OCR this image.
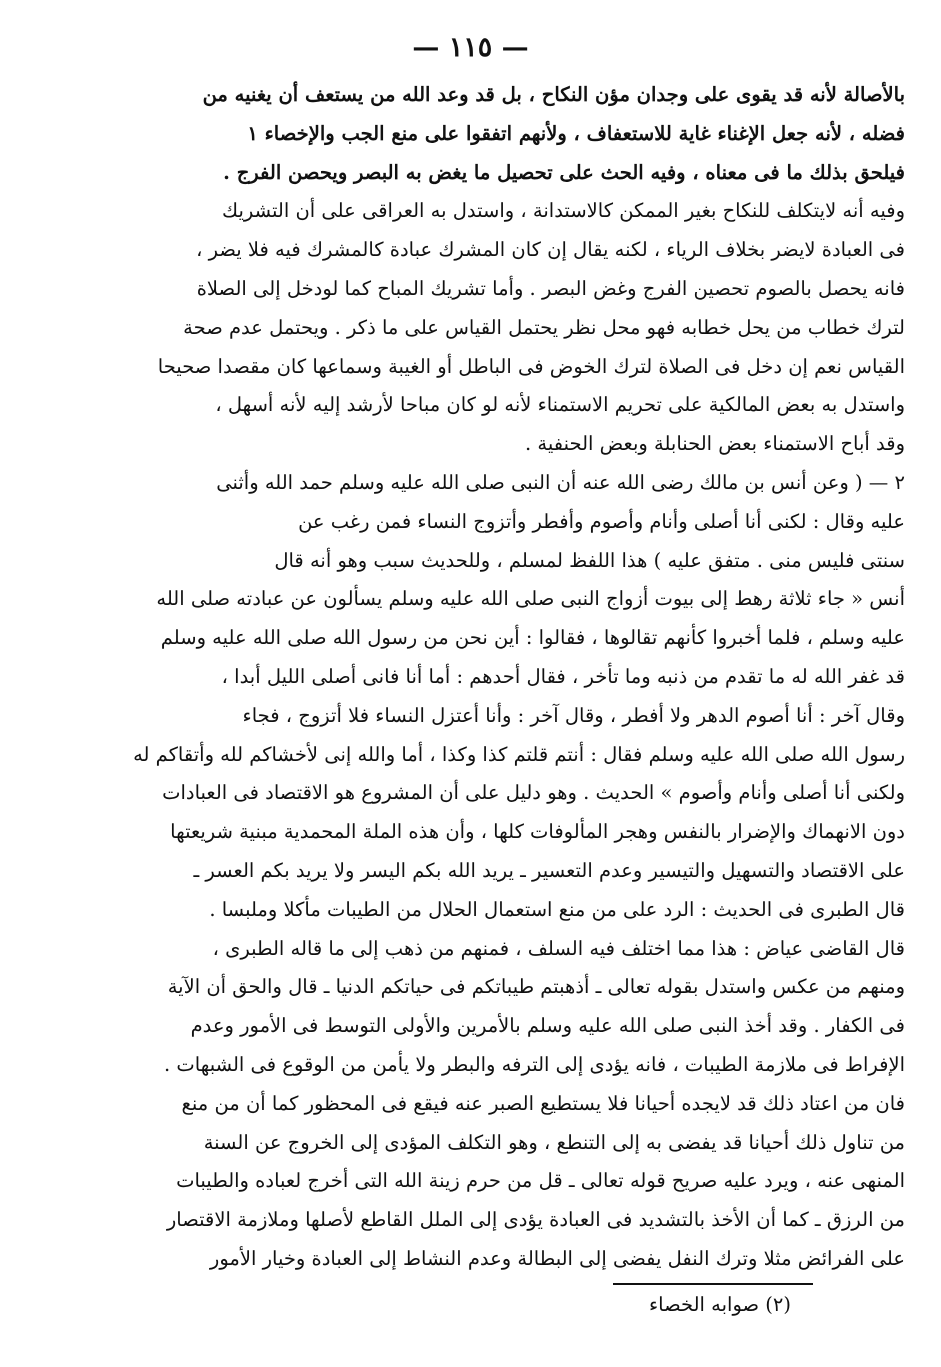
— ١١٥ —
بالأصالة لأنه قد يقوى على وجدان مؤن النكاح ، بل قد وعد الله من يستعف أن يغنيه من
فضله ، لأنه جعل الإغناء غاية للاستعفاف ، ولأنهم اتفقوا على منع الجب والإخصاء ١
فيلحق بذلك ما فى معناه ، وفيه الحث على تحصيل ما يغض به البصر ويحصن الفرج .
وفيه أنه لايتكلف للنكاح بغير الممكن كالاستدانة ، واستدل به العراقى على أن التشريك
فى العبادة لايضر بخلاف الرياء ، لكنه يقال إن كان المشرك عبادة كالمشرك فيه فلا يضر ،
فانه يحصل بالصوم تحصين الفرج وغض البصر . وأما تشريك المباح كما لودخل إلى الصلاة
لترك خطاب من يحل خطابه فهو محل نظر يحتمل القياس على ما ذكر . ويحتمل عدم صحة
القياس نعم إن دخل فى الصلاة لترك الخوض فى الباطل أو الغيبة وسماعها كان مقصدا صحيحا
واستدل به بعض المالكية على تحريم الاستمناء لأنه لو كان مباحا لأرشد إليه لأنه أسهل ،
وقد أباح الاستمناء بعض الحنابلة وبعض الحنفية .
٢ — ( وعن أنس بن مالك رضى الله عنه أن النبى صلى الله عليه وسلم حمد الله وأثنى
عليه وقال : لكنى أنا أصلى وأنام وأصوم وأفطر وأتزوج النساء فمن رغب عن
سنتى فليس منى . متفق عليه ) هذا اللفظ لمسلم ، وللحديث سبب وهو أنه قال
أنس « جاء ثلاثة رهط إلى بيوت أزواج النبى صلى الله عليه وسلم يسألون عن عبادته صلى الله
عليه وسلم ، فلما أخبروا كأنهم تقالوها ، فقالوا : أين نحن من رسول الله صلى الله عليه وسلم
قد غفر الله له ما تقدم من ذنبه وما تأخر ، فقال أحدهم : أما أنا فانى أصلى الليل أبدا ،
وقال آخر : أنا أصوم الدهر ولا أفطر ، وقال آخر : وأنا أعتزل النساء فلا أتزوج ، فجاء
رسول الله صلى الله عليه وسلم فقال : أنتم قلتم كذا وكذا ، أما والله إنى لأخشاكم لله وأتقاكم له
ولكنى أنا أصلى وأنام وأصوم » الحديث . وهو دليل على أن المشروع هو الاقتصاد فى العبادات
دون الانهماك والإضرار بالنفس وهجر المألوفات كلها ، وأن هذه الملة المحمدية مبنية شريعتها
على الاقتصاد والتسهيل والتيسير وعدم التعسير ـ يريد الله بكم اليسر ولا يريد بكم العسر ـ
قال الطبرى فى الحديث : الرد على من منع استعمال الحلال من الطيبات مأكلا وملبسا .
قال القاضى عياض : هذا مما اختلف فيه السلف ، فمنهم من ذهب إلى ما قاله الطبرى ،
ومنهم من عكس واستدل بقوله تعالى ـ أذهبتم طيباتكم فى حياتكم الدنيا ـ قال والحق أن الآية
فى الكفار . وقد أخذ النبى صلى الله عليه وسلم بالأمرين والأولى التوسط فى الأمور وعدم
الإفراط فى ملازمة الطيبات ، فانه يؤدى إلى الترفه والبطر ولا يأمن من الوقوع فى الشبهات .
فان من اعتاد ذلك قد لايجده أحيانا فلا يستطيع الصبر عنه فيقع فى المحظور كما أن من منع
من تناول ذلك أحيانا قد يفضى به إلى التنطع ، وهو التكلف المؤدى إلى الخروج عن السنة
المنهى عنه ، ويرد عليه صريح قوله تعالى ـ قل من حرم زينة الله التى أخرج لعباده والطيبات
من الرزق ـ كما أن الأخذ بالتشديد فى العبادة يؤدى إلى الملل القاطع لأصلها وملازمة الاقتصار
على الفرائض مثلا وترك النفل يفضى إلى البطالة وعدم النشاط إلى العبادة وخيار الأمور
(٢) صوابه الخصاء
